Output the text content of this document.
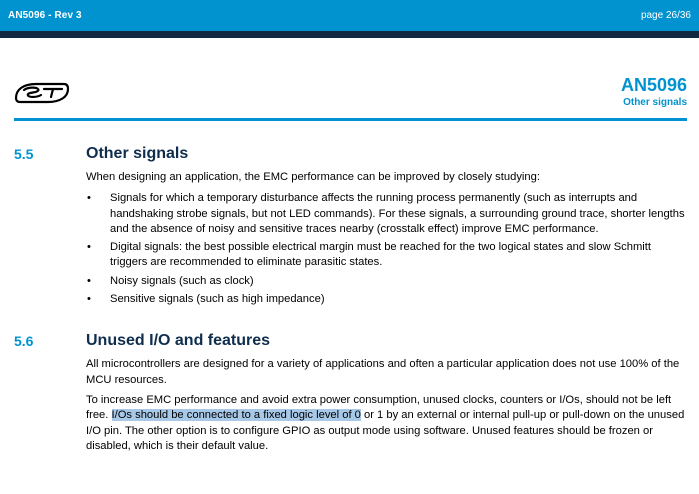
AN5096 - Rev 3	page 26/36
AN5096
Other signals
5.5	Other signals
When designing an application, the EMC performance can be improved by closely studying:
•	Signals for which a temporary disturbance affects the running process permanently (such as interrupts and handshaking strobe signals, but not LED commands). For these signals, a surrounding ground trace, shorter lengths and the absence of noisy and sensitive traces nearby (crosstalk effect) improve EMC performance.
•	Digital signals: the best possible electrical margin must be reached for the two logical states and slow Schmitt triggers are recommended to eliminate parasitic states.
•	Noisy signals (such as clock)
•	Sensitive signals (such as high impedance)
5.6	Unused I/O and features
All microcontrollers are designed for a variety of applications and often a particular application does not use 100% of the MCU resources.
To increase EMC performance and avoid extra power consumption, unused clocks, counters or I/Os, should not be left free. I/Os should be connected to a fixed logic level of 0 or 1 by an external or internal pull-up or pull-down on the unused I/O pin. The other option is to configure GPIO as output mode using software. Unused features should be frozen or disabled, which is their default value.
